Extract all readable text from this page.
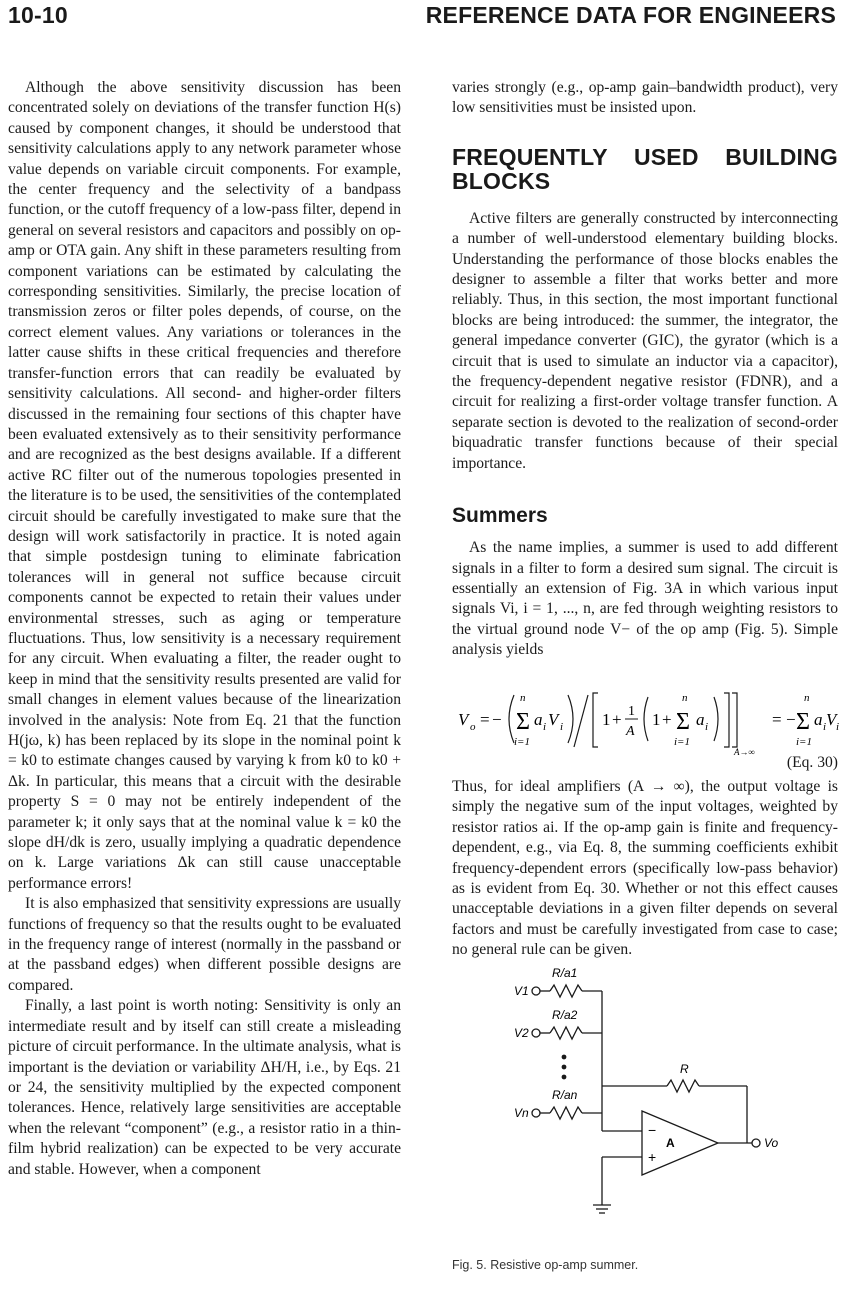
10-10	REFERENCE DATA FOR ENGINEERS

Although the above sensitivity discussion has been concentrated solely on deviations of the transfer function H(s) caused by component changes, it should be understood that sensitivity calculations apply to any network parameter whose value depends on variable circuit components. For example, the center frequency and the selectivity of a bandpass function, or the cutoff frequency of a low-pass filter, depend in general on several resistors and capacitors and possibly on op-amp or OTA gain. Any shift in these parameters resulting from component variations can be estimated by calculating the corresponding sensitivities. Similarly, the precise location of transmission zeros or filter poles depends, of course, on the correct element values. Any variations or tolerances in the latter cause shifts in these critical frequencies and therefore transfer-function errors that can readily be evaluated by sensitivity calculations. All second- and higher-order filters discussed in the remaining four sections of this chapter have been evaluated extensively as to their sensitivity performance and are recognized as the best designs available. If a different active RC filter out of the numerous topologies presented in the literature is to be used, the sensitivities of the contemplated circuit should be carefully investigated to make sure that the design will work satisfactorily in practice. It is noted again that simple postdesign tuning to eliminate fabrication tolerances will in general not suffice because circuit components cannot be expected to retain their values under environmental stresses, such as aging or temperature fluctuations. Thus, low sensitivity is a necessary requirement for any circuit. When evaluating a filter, the reader ought to keep in mind that the sensitivity results presented are valid for small changes in element values because of the linearization involved in the analysis: Note from Eq. 21 that the function H(jω, k) has been replaced by its slope in the nominal point k = k0 to estimate changes caused by varying k from k0 to k0 + Δk. In particular, this means that a circuit with the desirable property S = 0 may not be entirely independent of the parameter k; it only says that at the nominal value k = k0 the slope dH/dk is zero, usually implying a quadratic dependence on k. Large variations Δk can still cause unacceptable performance errors!

It is also emphasized that sensitivity expressions are usually functions of frequency so that the results ought to be evaluated in the frequency range of interest (normally in the passband or at the passband edges) when different possible designs are compared.

Finally, a last point is worth noting: Sensitivity is only an intermediate result and by itself can still create a misleading picture of circuit performance. In the ultimate analysis, what is important is the deviation or variability ΔH/H, i.e., by Eqs. 21 or 24, the sensitivity multiplied by the expected component tolerances. Hence, relatively large sensitivities are acceptable when the relevant “component” (e.g., a resistor ratio in a thin-film hybrid realization) can be expected to be very accurate and stable. However, when a component

varies strongly (e.g., op-amp gain–bandwidth product), very low sensitivities must be insisted upon.

FREQUENTLY USED BUILDING BLOCKS

Active filters are generally constructed by interconnecting a number of well-understood elementary building blocks. Understanding the performance of those blocks enables the designer to assemble a filter that works better and more reliably. Thus, in this section, the most important functional blocks are being introduced: the summer, the integrator, the general impedance converter (GIC), the gyrator (which is a circuit that is used to simulate an inductor via a capacitor), the frequency-dependent negative resistor (FDNR), and a circuit for realizing a first-order voltage transfer function. A separate section is devoted to the realization of second-order biquadratic transfer functions because of their special importance.

Summers

As the name implies, a summer is used to add different signals in a filter to form a desired sum signal. The circuit is essentially an extension of Fig. 3A in which various input signals Vi, i = 1, ..., n, are fed through weighting resistors to the virtual ground node V− of the op amp (Fig. 5). Simple analysis yields

V o = −
n
Σ
i=1
a i V i 1 + 1
A
1 +
n
Σ
i=1
a i
A→∞
= −
n
Σ
i=1
a i V i
(Eq. 30)

Thus, for ideal amplifiers (A → ∞), the output voltage is simply the negative sum of the input voltages, weighted by resistor ratios ai. If the op-amp gain is finite and frequency-dependent, e.g., via Eq. 8, the summing coefficients exhibit frequency-dependent errors (specifically low-pass behavior) as is evident from Eq. 30. Whether or not this effect causes unacceptable deviations in a given filter depends on several factors and must be carefully investigated from case to case; no general rule can be given.

R/a1
R/a2
R/an
R
V1
V2
Vn
−
+
A	Vo
Fig. 5. Resistive op-amp summer.
